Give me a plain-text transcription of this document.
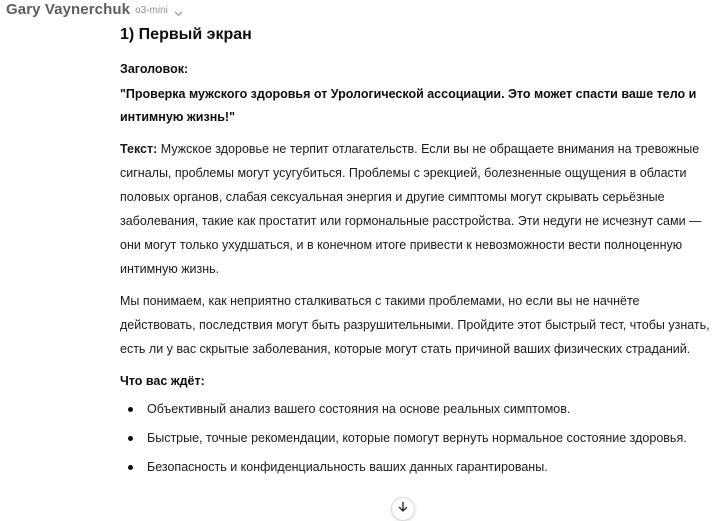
Gary Vaynerchuk o3-mini
1) Первый экран

Заголовок:

"Проверка мужского здоровья от Урологической ассоциации. Это может спасти ваше тело и интимную жизнь!"

Текст: Мужское здоровье не терпит отлагательств. Если вы не обращаете внимания на тревожные сигналы, проблемы могут усугубиться. Проблемы с эрекцией, болезненные ощущения в области половых органов, слабая сексуальная энергия и другие симптомы могут скрывать серьёзные заболевания, такие как простатит или гормональные расстройства. Эти недуги не исчезнут сами — они могут только ухудшаться, и в конечном итоге привести к невозможности вести полноценную интимную жизнь.

Мы понимаем, как неприятно сталкиваться с такими проблемами, но если вы не начнёте действовать, последствия могут быть разрушительными. Пройдите этот быстрый тест, чтобы узнать, есть ли у вас скрытые заболевания, которые могут стать причиной ваших физических страданий.

Что вас ждёт:

Объективный анализ вашего состояния на основе реальных симптомов.
Быстрые, точные рекомендации, которые помогут вернуть нормальное состояние здоровья.
Безопасность и конфиденциальность ваших данных гарантированы.
